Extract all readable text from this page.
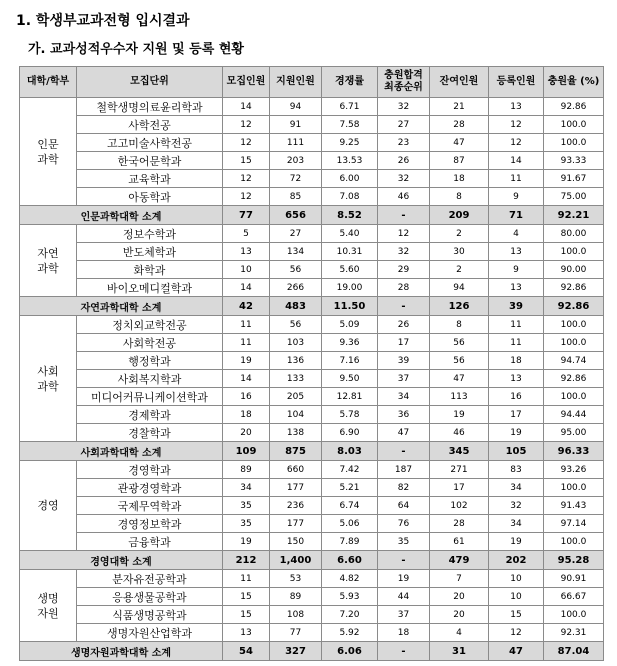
1. 학생부교과전형 입시결과
가. 교과성적우수자 지원 및 등록 현황
대학/학부	모집단위	모집인원	지원인원	경쟁률	충원합격 최종순위	잔여인원	등록인원	충원율 (%)
인문
과학	철학생명의료윤리학과	14	94	6.71	32	21	13	92.86
	사학전공	12	91	7.58	27	28	12	100.0
	고고미술사학전공	12	111	9.25	23	47	12	100.0
	한국어문학과	15	203	13.53	26	87	14	93.33
	교육학과	12	72	6.00	32	18	11	91.67
	아동학과	12	85	7.08	46	8	9	75.00
인문과학대학 소계		77	656	8.52	-	209	71	92.21
자연
과학	정보수학과	5	27	5.40	12	2	4	80.00
	반도체학과	13	134	10.31	32	30	13	100.0
	화학과	10	56	5.60	29	2	9	90.00
	바이오메디컬학과	14	266	19.00	28	94	13	92.86
자연과학대학 소계		42	483	11.50	-	126	39	92.86
사회
과학	정치외교학전공	11	56	5.09	26	8	11	100.0
	사회학전공	11	103	9.36	17	56	11	100.0
	행정학과	19	136	7.16	39	56	18	94.74
	사회복지학과	14	133	9.50	37	47	13	92.86
	미디어커뮤니케이션학과	16	205	12.81	34	113	16	100.0
	경제학과	18	104	5.78	36	19	17	94.44
	경찰학과	20	138	6.90	47	46	19	95.00
사회과학대학 소계		109	875	8.03	-	345	105	96.33
경영	경영학과	89	660	7.42	187	271	83	93.26
	관광경영학과	34	177	5.21	82	17	34	100.0
	국제무역학과	35	236	6.74	64	102	32	91.43
	경영정보학과	35	177	5.06	76	28	34	97.14
	금융학과	19	150	7.89	35	61	19	100.0
경영대학 소계		212	1,400	6.60	-	479	202	95.28
생명
자원	분자유전공학과	11	53	4.82	19	7	10	90.91
	응용생물공학과	15	89	5.93	44	20	10	66.67
	식품생명공학과	15	108	7.20	37	20	15	100.0
	생명자원산업학과	13	77	5.92	18	4	12	92.31
생명자원과학대학 소계		54	327	6.06	-	31	47	87.04
